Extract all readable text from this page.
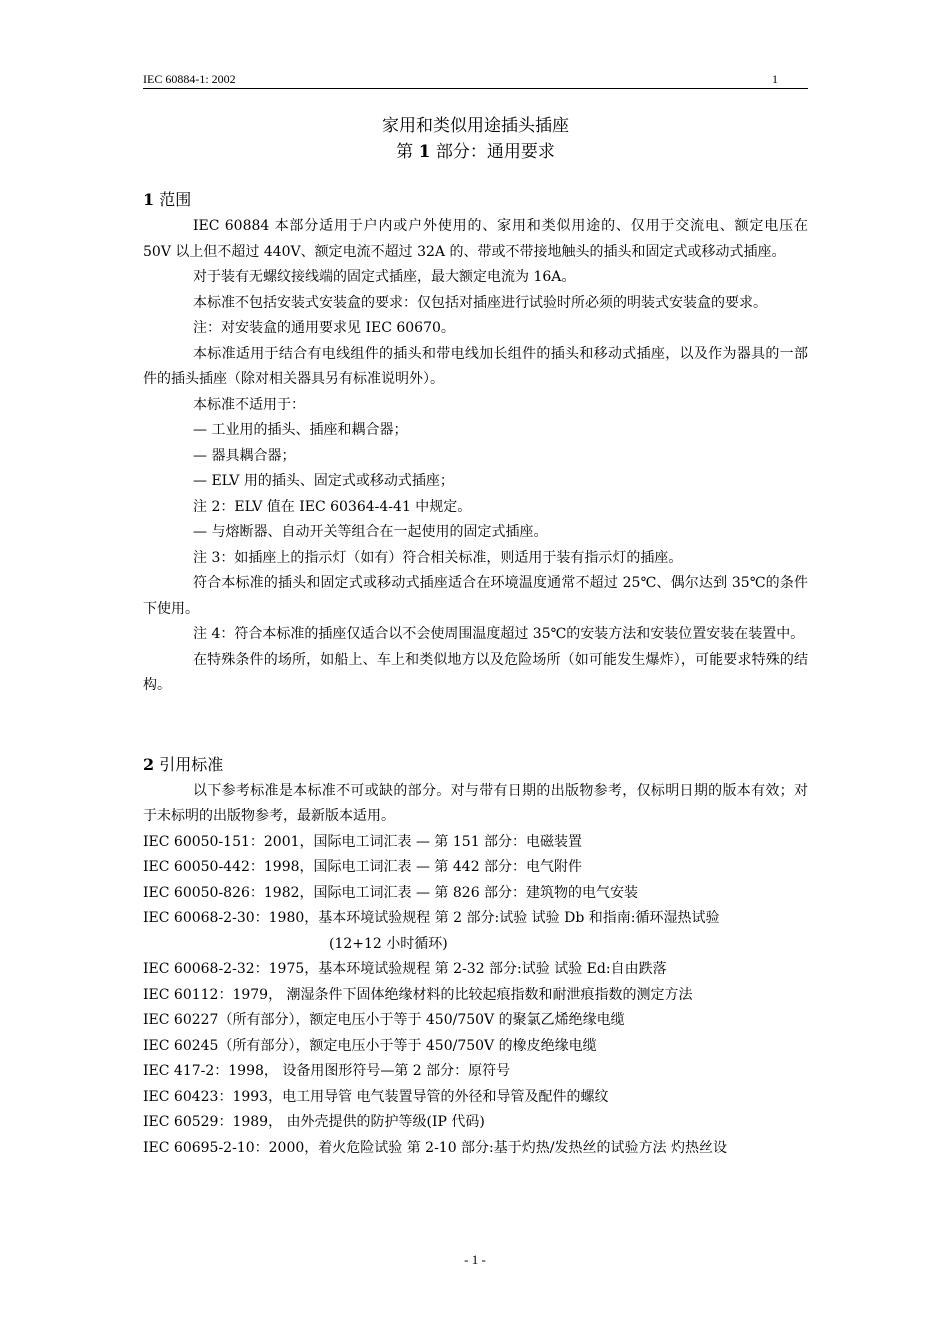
IEC 60884-1: 2002	1
家用和类似用途插头插座
第 1 部分：通用要求
1 范围

IEC 60884 本部分适用于户内或户外使用的、家用和类似用途的、仅用于交流电、额定电压在 50V 以上但不超过 440V、额定电流不超过 32A 的、带或不带接地触头的插头和固定式或移动式插座。

对于装有无螺纹接线端的固定式插座，最大额定电流为 16A。

本标准不包括安装式安装盒的要求：仅包括对插座进行试验时所必须的明装式安装盒的要求。

注：对安装盒的通用要求见 IEC 60670。

本标准适用于结合有电线组件的插头和带电线加长组件的插头和移动式插座，以及作为器具的一部件的插头插座（除对相关器具另有标准说明外）。

本标准不适用于：

— 工业用的插头、插座和耦合器；

— 器具耦合器；

— ELV 用的插头、固定式或移动式插座；

注 2：ELV 值在 IEC 60364-4-41 中规定。

— 与熔断器、自动开关等组合在一起使用的固定式插座。

注 3：如插座上的指示灯（如有）符合相关标准，则适用于装有指示灯的插座。

符合本标准的插头和固定式或移动式插座适合在环境温度通常不超过 25℃、偶尔达到 35℃的条件下使用。

注 4：符合本标准的插座仅适合以不会使周围温度超过 35℃的安装方法和安装位置安装在装置中。

在特殊条件的场所，如船上、车上和类似地方以及危险场所（如可能发生爆炸），可能要求特殊的结构。

2 引用标准

以下参考标准是本标准不可或缺的部分。对与带有日期的出版物参考，仅标明日期的版本有效；对于未标明的出版物参考，最新版本适用。

IEC 60050-151：2001，国际电工词汇表 — 第 151 部分：电磁装置

IEC 60050-442：1998，国际电工词汇表 — 第 442 部分：电气附件

IEC 60050-826：1982，国际电工词汇表 — 第 826 部分：建筑物的电气安装

IEC 60068-2-30：1980，基本环境试验规程 第 2 部分:试验 试验 Db 和指南:循环湿热试验

(12+12 小时循环)

IEC 60068-2-32：1975，基本环境试验规程 第 2-32 部分:试验 试验 Ed:自由跌落

IEC 60112：1979， 潮湿条件下固体绝缘材料的比较起痕指数和耐泄痕指数的测定方法

IEC 60227（所有部分），额定电压小于等于 450/750V 的聚氯乙烯绝缘电缆

IEC 60245（所有部分），额定电压小于等于 450/750V 的橡皮绝缘电缆

IEC 417-2：1998， 设备用图形符号—第 2 部分：原符号

IEC 60423：1993，电工用导管 电气装置导管的外径和导管及配件的螺纹

IEC 60529：1989， 由外壳提供的防护等级(IP 代码)

IEC 60695-2-10：2000，着火危险试验 第 2-10 部分:基于灼热/发热丝的试验方法 灼热丝设

- 1 -
